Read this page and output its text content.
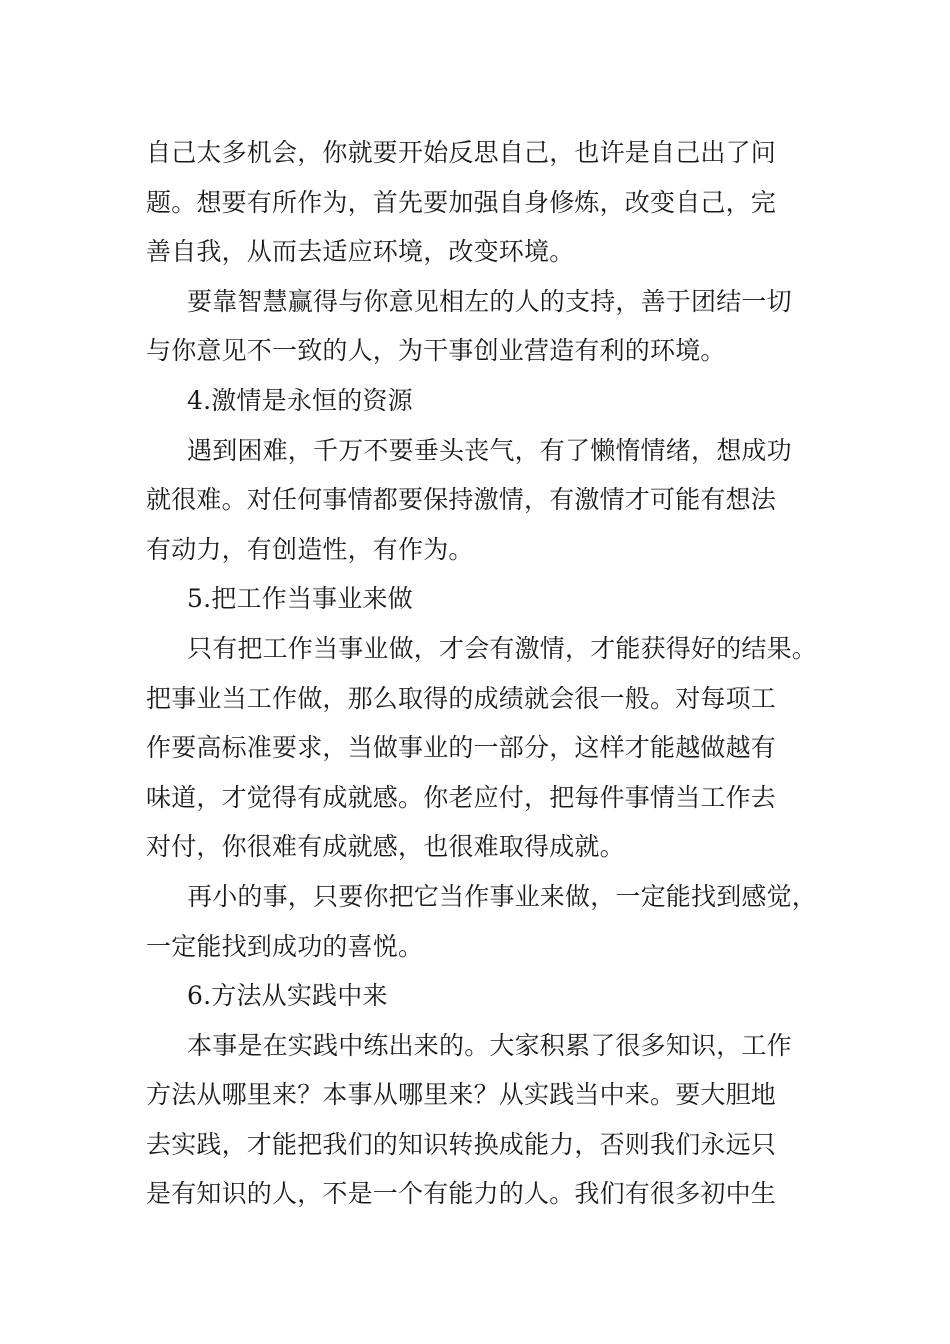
自己太多机会，你就要开始反思自己，也许是自己出了问
题。想要有所作为，首先要加强自身修炼，改变自己，完
善自我，从而去适应环境，改变环境。
要靠智慧赢得与你意见相左的人的支持，善于团结一切
与你意见不一致的人，为干事创业营造有利的环境。
4.激情是永恒的资源
遇到困难，千万不要垂头丧气，有了懒惰情绪，想成功
就很难。对任何事情都要保持激情，有激情才可能有想法
有动力，有创造性，有作为。
5.把工作当事业来做
只有把工作当事业做，才会有激情，才能获得好的结果。
把事业当工作做，那么取得的成绩就会很一般。对每项工
作要高标准要求，当做事业的一部分，这样才能越做越有
味道，才觉得有成就感。你老应付，把每件事情当工作去
对付，你很难有成就感，也很难取得成就。
再小的事，只要你把它当作事业来做，一定能找到感觉，
一定能找到成功的喜悦。
6.方法从实践中来
本事是在实践中练出来的。大家积累了很多知识，工作
方法从哪里来？本事从哪里来？从实践当中来。要大胆地
去实践，才能把我们的知识转换成能力，否则我们永远只
是有知识的人，不是一个有能力的人。我们有很多初中生
